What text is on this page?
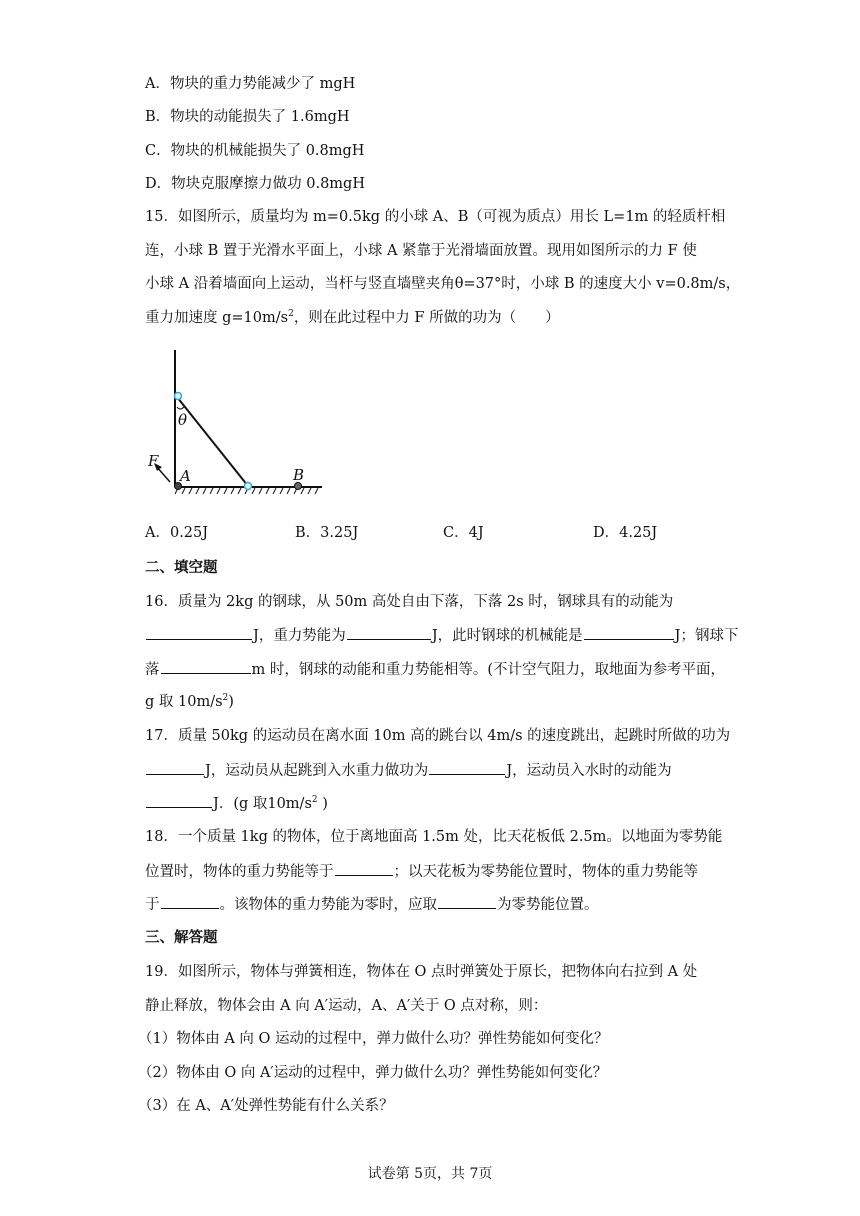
A．物块的重力势能减少了 mgH
B．物块的动能损失了 1.6mgH
C．物块的机械能损失了 0.8mgH
D．物块克服摩擦力做功 0.8mgH
15．如图所示，质量均为 m=0.5kg 的小球 A、B（可视为质点）用长 L=1m 的轻质杆相
连，小球 B 置于光滑水平面上，小球 A 紧靠于光滑墙面放置。现用如图所示的力 F 使
小球 A 沿着墙面向上运动，当杆与竖直墙壁夹角θ=37°时，小球 B 的速度大小 v=0.8m/s，
重力加速度 $g=10m/s^2$，则在此过程中力 F 所做的功为（　　）
θ
F
A	B
A．0.25J	B．3.25J	C．4J	D．4.25J
二、填空题
16．质量为 2kg 的钢球，从 50m 高处自由下落，下落 2s 时，钢球具有的动能为
J，重力势能为	J，此时钢球的机械能是	J；钢球下
落	m 时，钢球的动能和重力势能相等。(不计空气阻力，取地面为参考平面，
g 取 $10m/s^2$)
17．质量 50kg 的运动员在离水面 10m 高的跳台以 4m/s 的速度跳出，起跳时所做的功为
J，运动员从起跳到入水重力做功为	J，运动员入水时的动能为
J．(g 取$10m/s^2$ )
18．一个质量 1kg 的物体，位于离地面高 1.5m 处，比天花板低 2.5m。以地面为零势能
位置时，物体的重力势能等于	；以天花板为零势能位置时，物体的重力势能等
于	。该物体的重力势能为零时，应取	为零势能位置。
三、解答题
19．如图所示，物体与弹簧相连，物体在 O 点时弹簧处于原长，把物体向右拉到 A 处
静止释放，物体会由 A 向 A′运动，A、A′关于 O 点对称，则：
（1）物体由 A 向 O 运动的过程中，弹力做什么功？弹性势能如何变化？
（2）物体由 O 向 A′运动的过程中，弹力做什么功？弹性势能如何变化？
（3）在 A、A′处弹性势能有什么关系？
试卷第 5页，共 7页
